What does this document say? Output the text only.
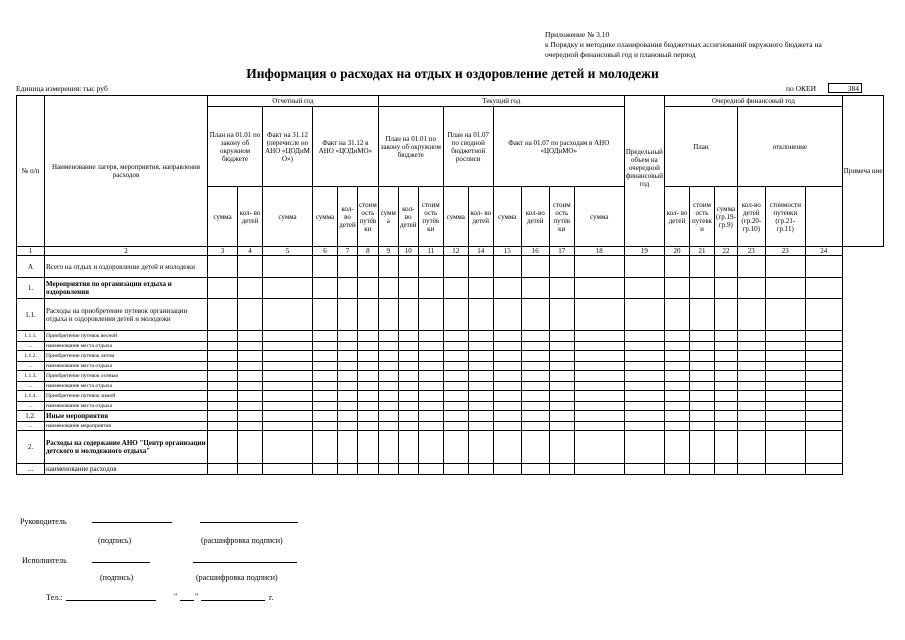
Приложение № 3.10
к Порядку и методике планирования бюджетных ассигнований окружного бюджета на
очередной финансовый год и плановый период
Информация о расходах на отдых и оздоровление детей и молодежи
Единица измерения: тыс руб	по ОКЕИ	384
№ п/п	Наименование лагеря, мероприятия, направления расходов	Отчетный год						Текущий год									Предельный объем на очередной финансовый год	Очередной финансовый год						Примеча ние
		План на 01.01 по закону об окружном бюджете		Факт на 31.12 (перечисле но АНО «ЦОДиМ О»)	Факт на 31.12 в АНО «ЦОДиМО»			План на 01.01 по закону об окружном бюджете			План на 01.07 по сводной бюджетной росписи		Факт на 01.07 по расходам в АНО «ЦОДиМО»					План			отклонение			
		сумма	кол- во детей	сумма	сумма	кол- во детей	стоим ость путёв ки	сумм а	кол- во детей	стоим ость путёв ки	сумма	кол- во детей	сумма	кол-во детей	стоим ость путёв ки	сумма		кол- во детей	стоим ость путевк и	сумма (гр.19- гр.9)	кол-во детей (гр.20- гр.10)	стоимости путевки (гр.21- гр.11)		
1	2	3	4	5	6	7	8	9	10	11	12	14	15	16	17	18	19	20	21	22	23	23	24	
А	Всего на отдых и оздоровление детей и молодежи																							
1.	Мероприятия по организации отдыха и оздоровления																							
1.1.	Расходы на приобретение путевок организации отдыха и оздоровления детей и молодежи																							
1.1.1.	Приобретение путевок весной																							
...	наименование места отдыха																							
1.1.2.	Приобретение путевок летом																							
...	наименование места отдыха																							
1.1.3.	Приобретение путевок осенью																							
...	наименование места отдыха																							
1.1.4.	Приобретение путевок зимой																							
...	наименование места отдыха																							
1.2.	Иные мероприятия																							
...	наименование мероприятия																							
2.	Расходы на содержание АНО "Центр организации детского и молодежного отдыха"																							
...	наименование расходов																							
Руководитель
(подпись)	(расшифровка подписи)
Исполнитель
(подпись)	(расшифровка подписи)
Тел.:	" "	г.
